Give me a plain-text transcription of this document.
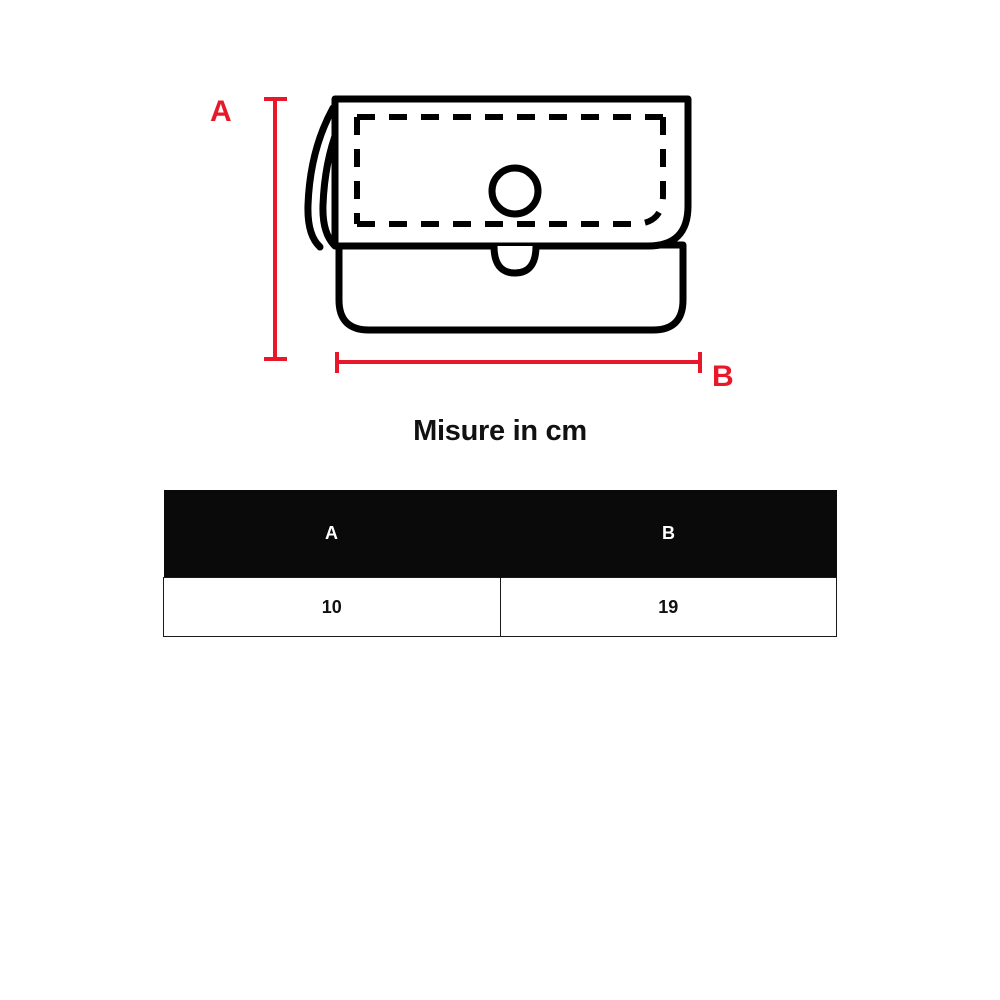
A
B
Misure in cm
A	B
10	19
